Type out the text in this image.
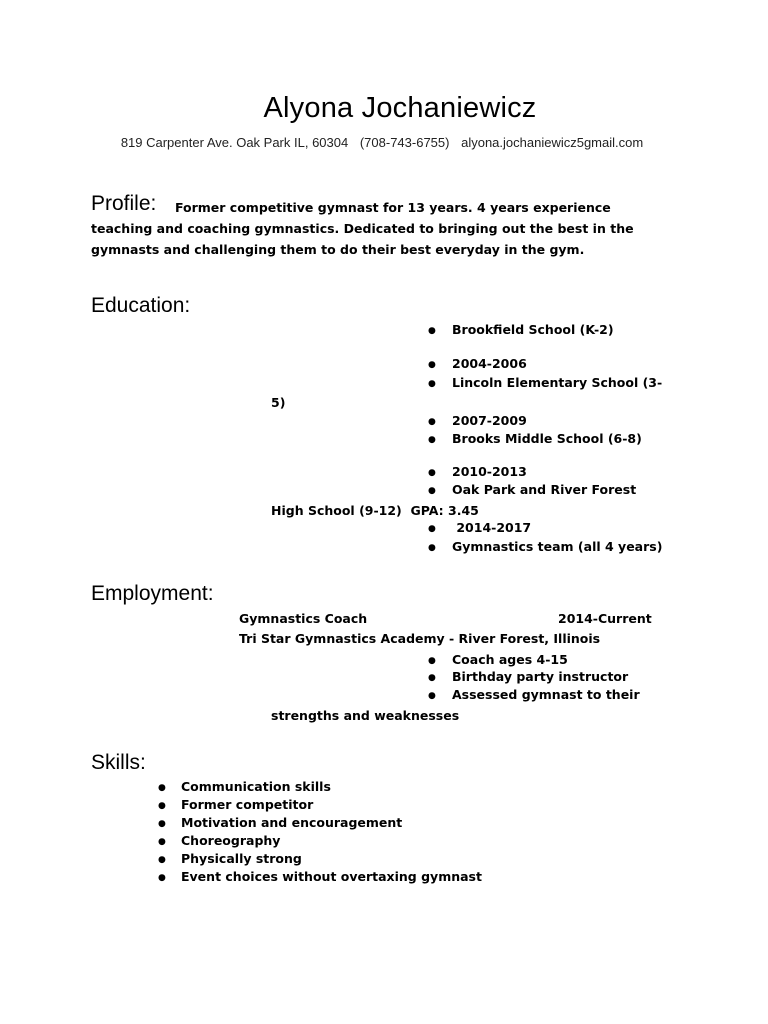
Alyona Jochaniewicz
819 Carpenter Ave. Oak Park IL, 60304 (708-743-6755) alyona.jochaniewicz5gmail.com
Profile: Former competitive gymnast for 13 years. 4 years experience
teaching and coaching gymnastics. Dedicated to bringing out the best in the
gymnasts and challenging them to do their best everyday in the gym.
Education:
● Brookfield School (K-2)
● 2004-2006
● Lincoln Elementary School (3-
5)
● 2007-2009
● Brooks Middle School (6-8)
● 2010-2013
● Oak Park and River Forest
High School (9-12)  GPA: 3.45
● 2014-2017
● Gymnastics team (all 4 years)
Employment:
Gymnastics Coach	2014-Current
Tri Star Gymnastics Academy - River Forest, Illinois
● Coach ages 4-15
● Birthday party instructor
● Assessed gymnast to their
strengths and weaknesses
Skills:
● Communication skills
● Former competitor
● Motivation and encouragement
● Choreography
● Physically strong
● Event choices without overtaxing gymnast
